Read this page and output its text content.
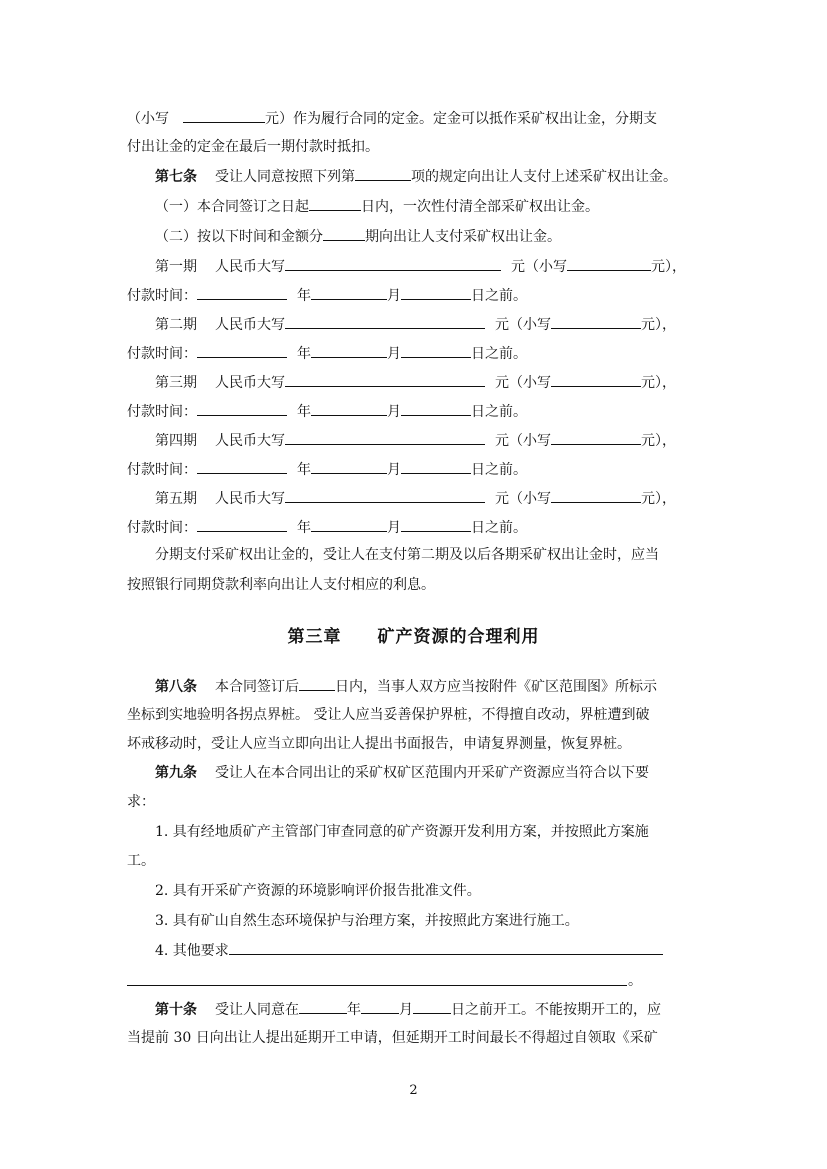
（小写	元）作为履行合同的定金。定金可以抵作采矿权出让金，分期支
付出让金的定金在最后一期付款时抵扣。
第七条 受让人同意按照下列第	项的规定向出让人支付上述采矿权出让金。
（一）本合同签订之日起	日内，一次性付清全部采矿权出让金。
（二）按以下时间和金额分	期向出让人支付采矿权出让金。
第一期 人民币大写	元（小写	元），
付款时间：	年	月	日之前。
第二期 人民币大写	元（小写	元），
付款时间：	年	月	日之前。
第三期 人民币大写	元（小写	元），
付款时间：	年	月	日之前。
第四期 人民币大写	元（小写	元），
付款时间：	年	月	日之前。
第五期 人民币大写	元（小写	元），
付款时间：	年	月	日之前。
分期支付采矿权出让金的，受让人在支付第二期及以后各期采矿权出让金时，应当
按照银行同期贷款利率向出让人支付相应的利息。
第三章　　矿产资源的合理利用
第八条 本合同签订后	日内，当事人双方应当按附件《矿区范围图》所标示
坐标到实地验明各拐点界桩。 受让人应当妥善保护界桩，不得擅自改动，界桩遭到破
坏戒移动时，受让人应当立即向出让人提出书面报告，申请复界测量，恢复界桩。
第九条 受让人在本合同出让的采矿权矿区范围内开采矿产资源应当符合以下要
求：
1. 具有经地质矿产主管部门审查同意的矿产资源开发利用方案，并按照此方案施
工。
2. 具有开采矿产资源的环境影响评价报告批准文件。
3. 具有矿山自然生态环境保护与治理方案，并按照此方案进行施工。
4. 其他要求
。
第十条 受让人同意在	年	月	日之前开工。不能按期开工的，应
当提前 30 日向出让人提出延期开工申请，但延期开工时间最长不得超过自领取《采矿
2
